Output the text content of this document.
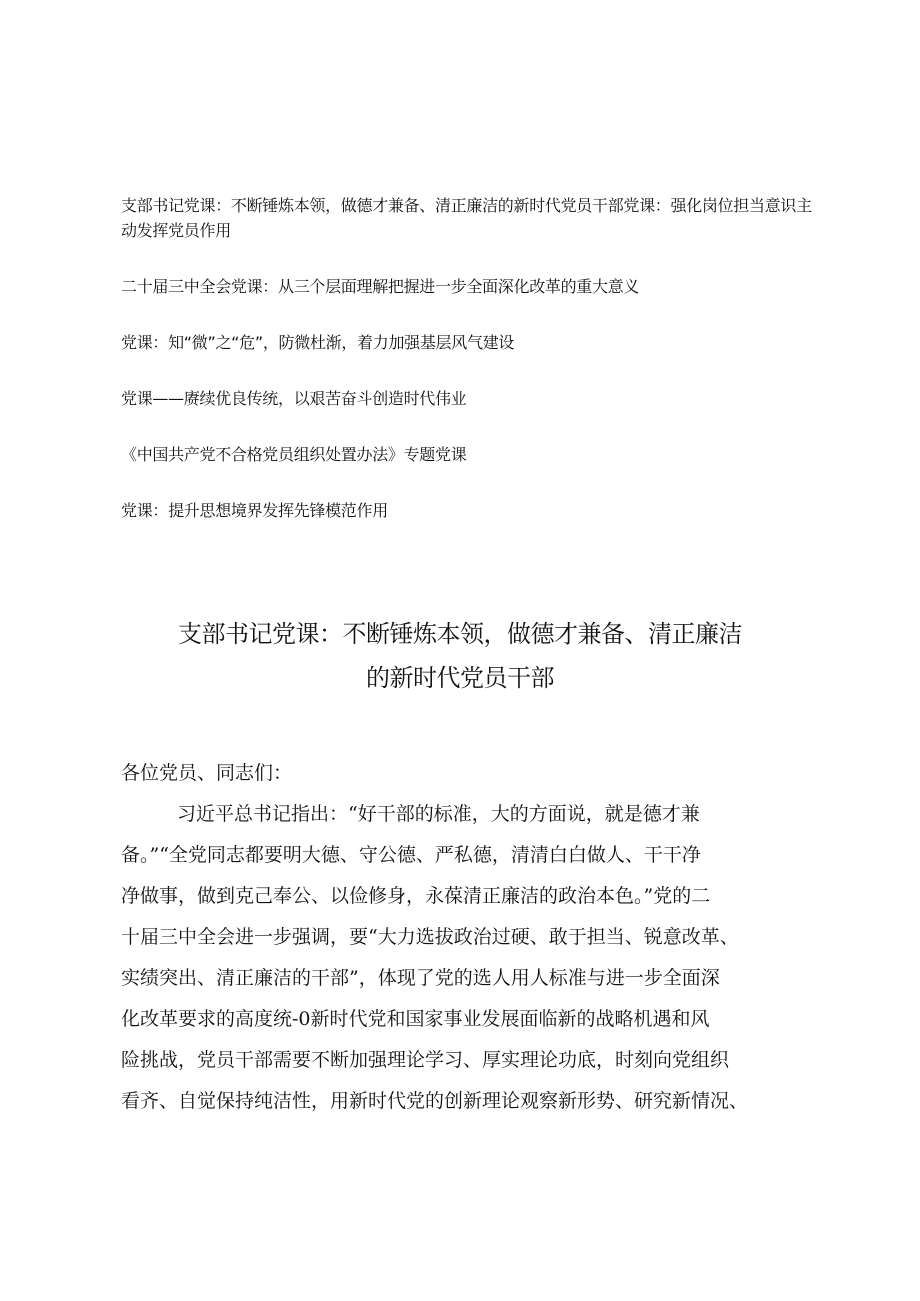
支部书记党课：不断锤炼本领，做德才兼备、清正廉洁的新时代党员干部党课：强化岗位担当意识主动发挥党员作用
二十届三中全会党课：从三个层面理解把握进一步全面深化改革的重大意义
党课：知“微”之“危”，防微杜渐，着力加强基层风气建设
党课——赓续优良传统，以艰苦奋斗创造时代伟业
《中国共产党不合格党员组织处置办法》专题党课
党课：提升思想境界发挥先锋模范作用
支部书记党课：不断锤炼本领，做德才兼备、清正廉洁
的新时代党员干部
各位党员、同志们：
习近平总书记指出：“好干部的标准，大的方面说，就是德才兼
备。”“全党同志都要明大德、守公德、严私德，清清白白做人、干干净
净做事，做到克己奉公、以俭修身，永葆清正廉洁的政治本色。”党的二
十届三中全会进一步强调，要“大力选拔政治过硬、敢于担当、锐意改革、
实绩突出、清正廉洁的干部”，体现了党的选人用人标准与进一步全面深
化改革要求的高度统-0新时代党和国家事业发展面临新的战略机遇和风
险挑战，党员干部需要不断加强理论学习、厚实理论功底，时刻向党组织
看齐、自觉保持纯洁性，用新时代党的创新理论观察新形势、研究新情况、
